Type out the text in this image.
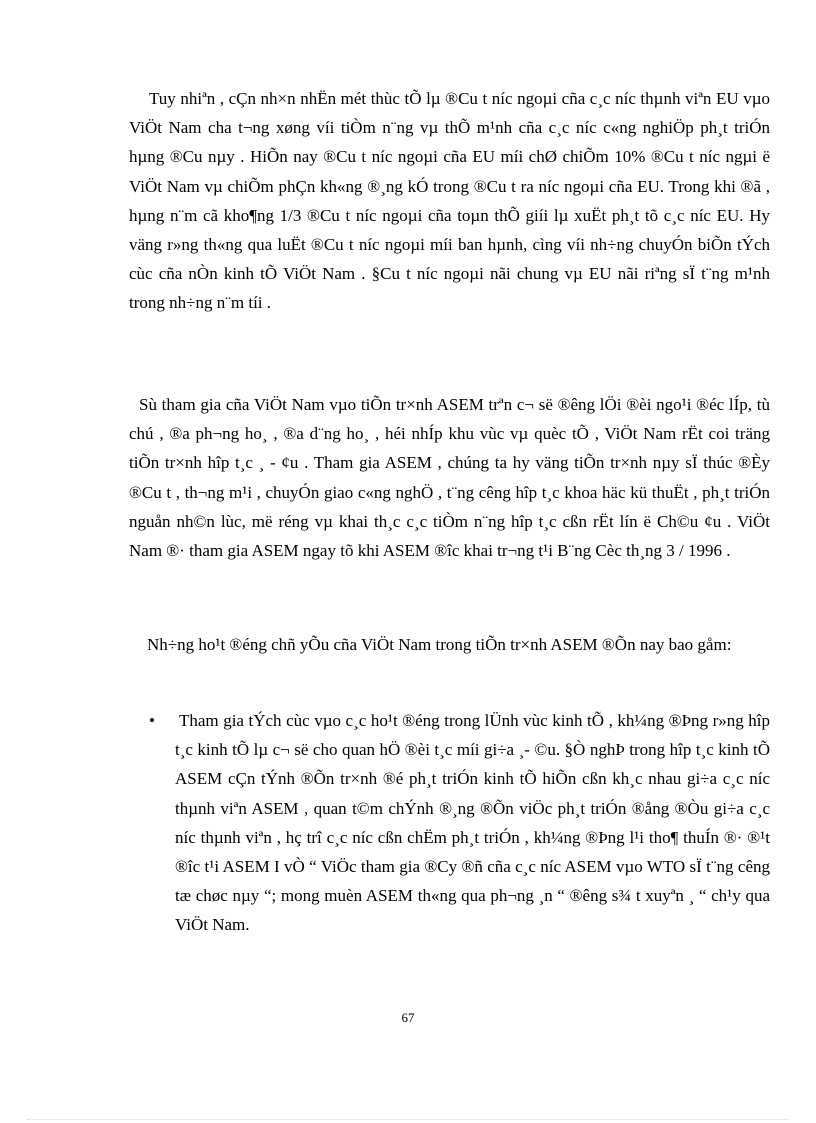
Tuy nhiªn , cÇn nh×n nhËn mét thùc tÕ lµ ®Cu t níc ngoµi cña c¸c níc thµnh viªn EU vµo ViÖt Nam cha t¬ng xøng víi tiÒm n¨ng vµ thÕ m¹nh cña c¸c níc c«ng nghiÖp ph¸t triÓn hµng ®Cu nµy . HiÕn nay ®Cu t níc ngoµi cña EU míi chØ chiÕm 10% ®Cu t níc ngµi ë ViÖt Nam vµ chiÕm phÇn kh«ng ®¸ng kÓ trong ®Cu t ra níc ngoµi cña EU. Trong khi ®ã , hµng n¨m cã kho¶ng 1/3 ®Cu t níc ngoµi cña toµn thÕ giíi lµ xuËt ph¸t tõ c¸c níc EU. Hy väng r»ng th«ng qua luËt ®Cu t níc ngoµi míi ban hµnh, cìng víi nh÷ng chuyÓn biÕn tÝch cùc cña nÒn kinh tÕ ViÖt Nam . §Cu t níc ngoµi nãi chung vµ EU nãi riªng sÏ t¨ng m¹nh trong nh÷ng n¨m tíi .

Sù tham gia cña ViÖt Nam vµo tiÕn tr×nh ASEM trªn c¬ së ®êng lÖi ®èi ngo¹i ®éc lÍp, tù chú , ®a ph¬ng ho¸ , ®a d¨ng ho¸ , héi nhÍp khu vùc vµ quèc tÕ , ViÖt Nam rËt coi träng tiÕn tr×nh hîp t¸c ¸ - ¢u . Tham gia ASEM , chúng ta hy väng tiÕn tr×nh nµy sÏ thúc ®Èy ®Cu t , th¬ng m¹i , chuyÓn giao c«ng nghÖ , t¨ng cêng hîp t¸c khoa häc kü thuËt , ph¸t triÓn nguån nh©n lùc, më réng vµ khai th¸c c¸c tiÒm n¨ng hîp t¸c cßn rËt lín ë Ch©u ¢u . ViÖt Nam ®· tham gia ASEM ngay tõ khi ASEM ®îc khai tr¬ng t¹i B¨ng Cèc th¸ng 3 / 1996 .

Nh÷ng ho¹t ®éng chñ yÕu cña ViÖt Nam trong tiÕn tr×nh ASEM ®Õn nay bao gåm:

• Tham gia tÝch cùc vµo c¸c ho¹t ®éng trong lÜnh vùc kinh tÕ , kh¼ng ®Þng r»ng hîp t¸c kinh tÕ lµ c¬ së cho quan hÖ ®èi t¸c míi gi÷a ¸- ©u. §Ò nghÞ trong hîp t¸c kinh tÕ ASEM cÇn tÝnh ®Õn tr×nh ®é ph¸t triÓn kinh tÕ hiÕn cßn kh¸c nhau gi÷a c¸c níc thµnh viªn ASEM , quan t©m chÝnh ®¸ng ®Õn viÖc ph¸t triÓn ®ång ®Òu gi÷a c¸c níc thµnh viªn , hç trî c¸c níc cßn chËm ph¸t triÓn , kh¼ng ®Þng l¹i tho¶ thuÍn ®· ®¹t ®îc t¹i ASEM I vÒ “ ViÖc tham gia ®Cy ®ñ cña c¸c níc ASEM vµo WTO sÏ t¨ng cêng tæ chøc nµy “; mong muèn ASEM th«ng qua ph¬ng ¸n “ ®êng s¾ t xuyªn ¸ “ ch¹y qua ViÖt Nam.

67
